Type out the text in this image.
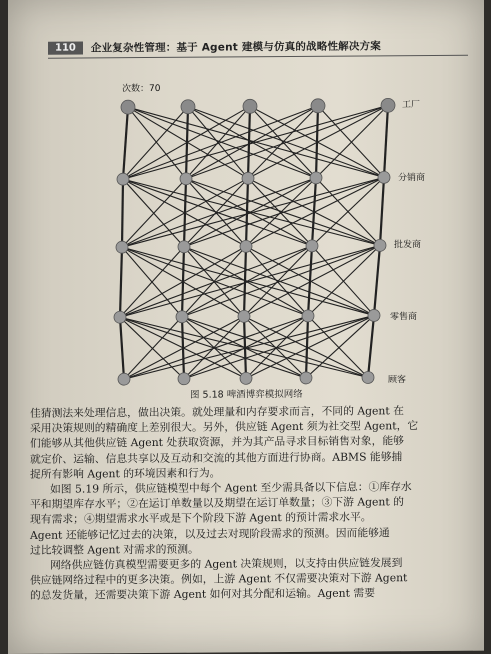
110	企业复杂性管理：基于 Agent 建模与仿真的战略性解决方案
次数：70
工厂
分销商
批发商
零售商
顾客
图 5.18 啤酒博弈模拟网络
佳猜测法来处理信息，做出决策。就处理量和内存要求而言，不同的 Agent 在
采用决策规则的精确度上差别很大。另外，供应链 Agent 须为社交型 Agent，它
们能够从其他供应链 Agent 处获取资源，并为其产品寻求目标销售对象，能够
就定价、运输、信息共享以及互动和交流的其他方面进行协商。ABMS 能够捕
捉所有影响 Agent 的环境因素和行为。
如图 5.19 所示，供应链模型中每个 Agent 至少需具备以下信息：①库存水
平和期望库存水平；②在运订单数量以及期望在运订单数量；③下游 Agent 的
现有需求；④期望需求水平或是下个阶段下游 Agent 的预计需求水平。
Agent 还能够记忆过去的决策，以及过去对现阶段需求的预测。因而能够通
过比较调整 Agent 对需求的预测。
网络供应链仿真模型需要更多的 Agent 决策规则，以支持由供应链发展到
供应链网络过程中的更多决策。例如，上游 Agent 不仅需要决策对下游 Agent
的总发货量，还需要决策下游 Agent 如何对其分配和运输。Agent 需要
